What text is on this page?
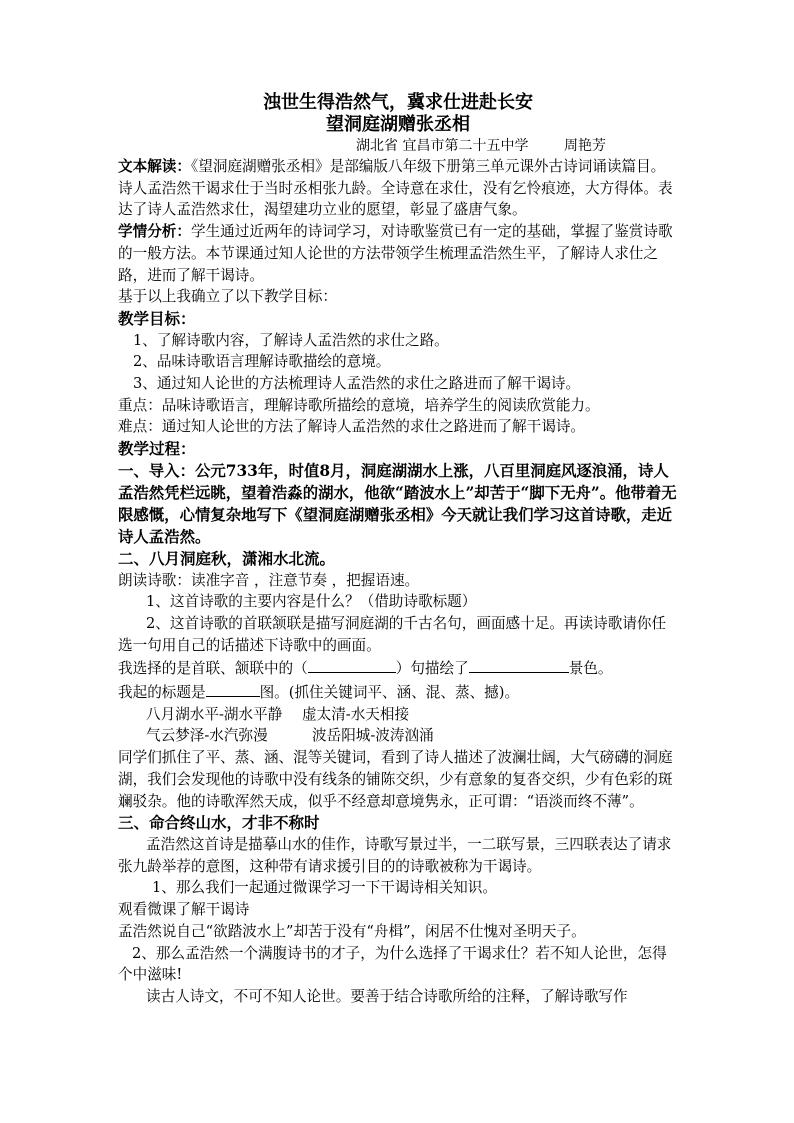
浊世生得浩然气，冀求仕进赴长安

望洞庭湖赠张丞相

湖北省 宜昌市第二十五中学        周艳芳

文本解读：《望洞庭湖赠张丞相》是部编版八年级下册第三单元课外古诗词诵读篇目。诗人孟浩然干谒求仕于当时丞相张九龄。全诗意在求仕，没有乞怜痕迹，大方得体。表达了诗人孟浩然求仕，渴望建功立业的愿望，彰显了盛唐气象。

学情分析：学生通过近两年的诗词学习，对诗歌鉴赏已有一定的基础，掌握了鉴赏诗歌的一般方法。本节课通过知人论世的方法带领学生梳理孟浩然生平，了解诗人求仕之路，进而了解干谒诗。

基于以上我确立了以下教学目标：

教学目标：

1、了解诗歌内容，了解诗人孟浩然的求仕之路。

2、品味诗歌语言理解诗歌描绘的意境。

3、通过知人论世的方法梳理诗人孟浩然的求仕之路进而了解干谒诗。

重点：品味诗歌语言，理解诗歌所描绘的意境，培养学生的阅读欣赏能力。

难点：通过知人论世的方法了解诗人孟浩然的求仕之路进而了解干谒诗。

教学过程：

一、导入：公元733年，时值8月，洞庭湖湖水上涨，八百里洞庭风逐浪涌，诗人孟浩然凭栏远眺，望着浩淼的湖水，他欲“踏波水上”却苦于“脚下无舟”。他带着无限感慨，心情复杂地写下《望洞庭湖赠张丞相》今天就让我们学习这首诗歌，走近诗人孟浩然。

二、八月洞庭秋，潇湘水北流。

朗读诗歌：读准字音 ，注意节奏 ，把握语速。

1、这首诗歌的主要内容是什么？（借助诗歌标题）

2、这首诗歌的首联颔联是描写洞庭湖的千古名句，画面感十足。再读诗歌请你任选一句用自己的话描述下诗歌中的画面。

我选择的是首联、颔联中的（	）句描绘了	景色。

我起的标题是	图。(抓住关键词平、涵、混、蒸、撼)。

八月湖水平-湖水平静 虚太清-水天相接

气云梦泽-水汽弥漫	波岳阳城-波涛汹涌

同学们抓住了平、蒸、涵、混等关键词，看到了诗人描述了波澜壮阔，大气磅礴的洞庭湖，我们会发现他的诗歌中没有线条的铺陈交织，少有意象的复沓交织，少有色彩的斑斓驳杂。他的诗歌浑然天成，似乎不经意却意境隽永，正可谓：“语淡而终不薄”。

三、命合终山水，才非不称时

孟浩然这首诗是描摹山水的佳作，诗歌写景过半，一二联写景，三四联表达了请求张九龄举荐的意图，这种带有请求援引目的的诗歌被称为干谒诗。

1、那么我们一起通过微课学习一下干谒诗相关知识。

观看微课了解干谒诗

孟浩然说自己“欲踏波水上”却苦于没有“舟楫”，闲居不仕愧对圣明天子。

2、那么孟浩然一个满腹诗书的才子，为什么选择了干谒求仕？若不知人论世，怎得个中滋味!

读古人诗文，不可不知人论世。要善于结合诗歌所给的注释，了解诗歌写作
